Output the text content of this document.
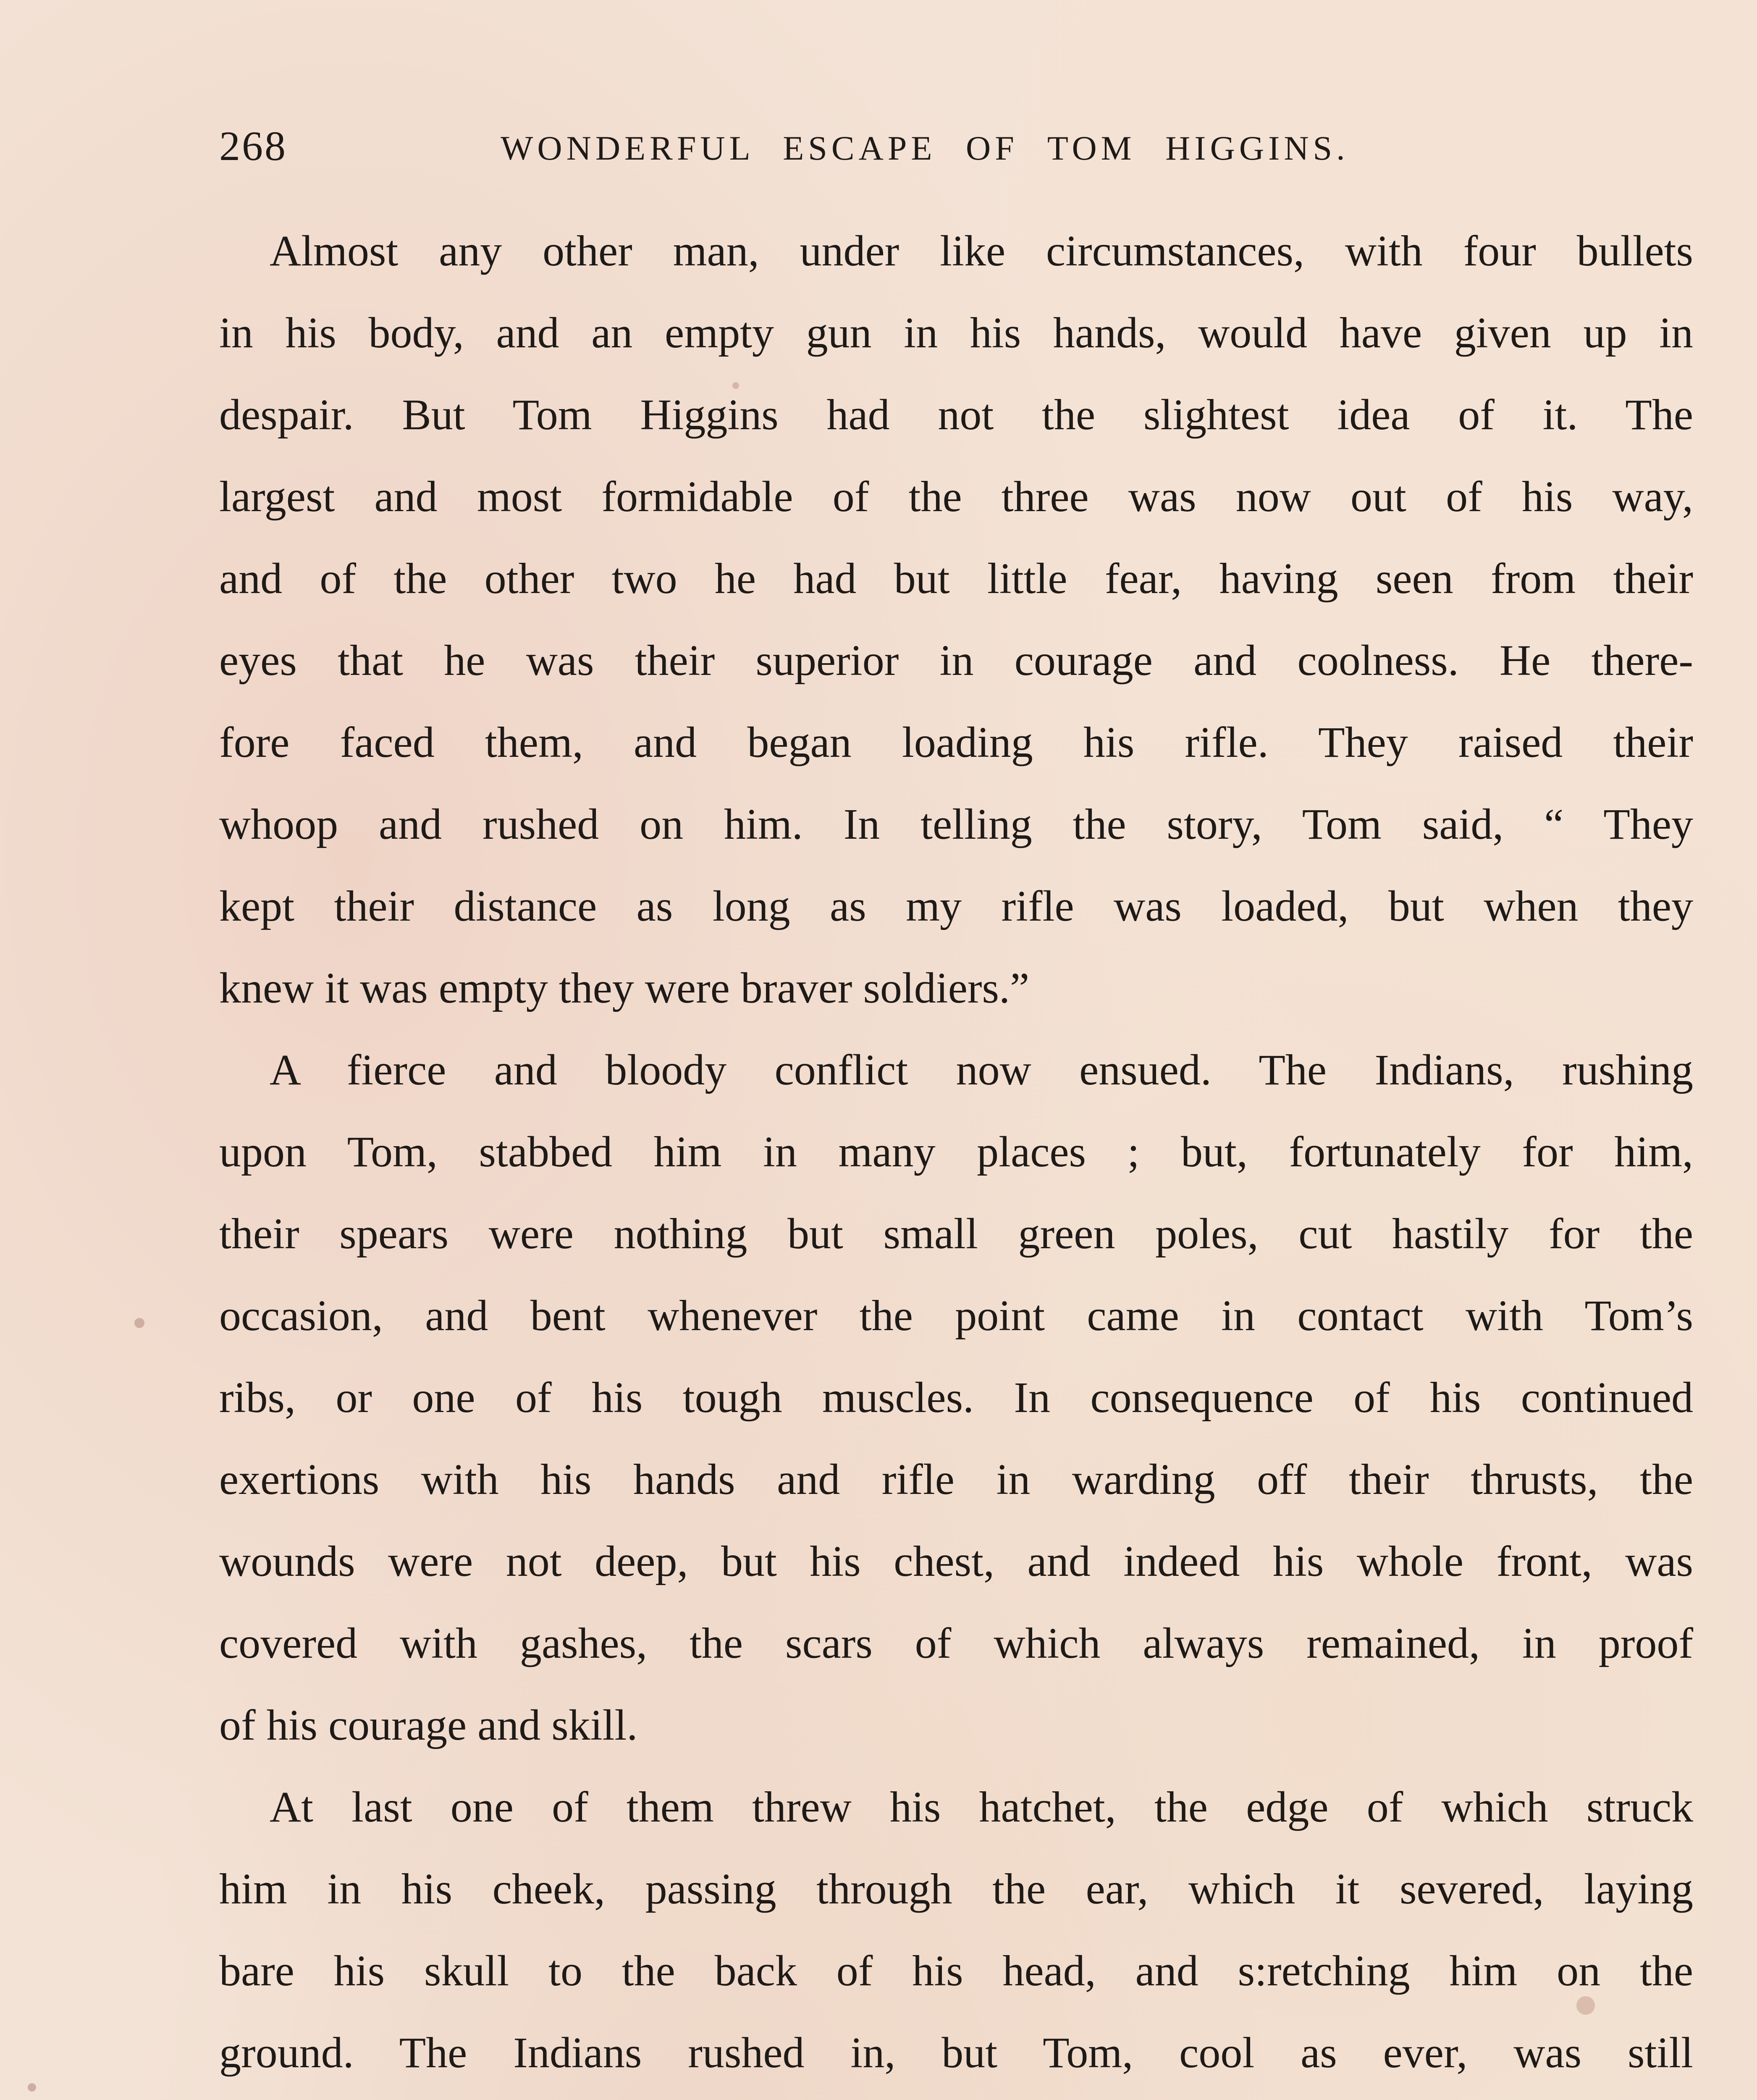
268	WONDERFUL ESCAPE OF TOM HIGGINS.
Almost any other man, under like circumstances, with four bullets
in his body, and an empty gun in his hands, would have given up in
despair. But Tom Higgins had not the slightest idea of it. The
largest and most formidable of the three was now out of his way,
and of the other two he had but little fear, having seen from their
eyes that he was their superior in courage and coolness. He there-
fore faced them, and began loading his rifle. They raised their
whoop and rushed on him. In telling the story, Tom said, “ They
kept their distance as long as my rifle was loaded, but when they
knew it was empty they were braver soldiers.”
A fierce and bloody conflict now ensued. The Indians, rushing
upon Tom, stabbed him in many places ; but, fortunately for him,
their spears were nothing but small green poles, cut hastily for the
occasion, and bent whenever the point came in contact with Tom’s
ribs, or one of his tough muscles. In consequence of his continued
exertions with his hands and rifle in warding off their thrusts, the
wounds were not deep, but his chest, and indeed his whole front, was
covered with gashes, the scars of which always remained, in proof
of his courage and skill.
At last one of them threw his hatchet, the edge of which struck
him in his cheek, passing through the ear, which it severed, laying
bare his skull to the back of his head, and s:retching him on the
ground. The Indians rushed in, but Tom, cool as ever, was still
